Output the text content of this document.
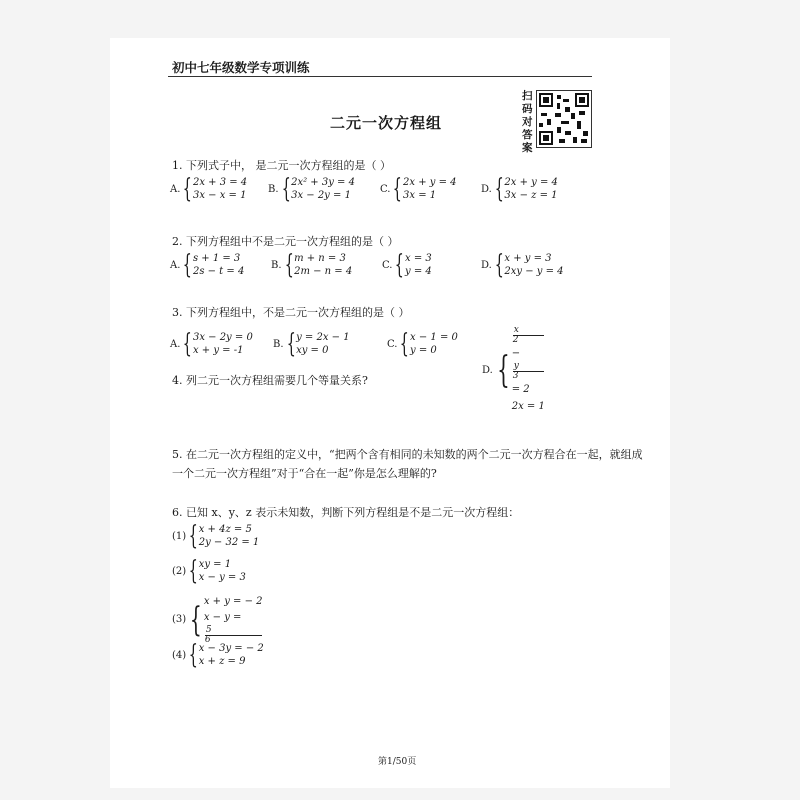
初中七年级数学专项训练
二元一次方程组
扫码对答案
1. 下列式子中， 是二元一次方程组的是（ ）
A. { 2x + 3 = 4
3x − x = 1
B. { 2x² + 3y = 4
3x − 2y = 1
C. { 2x + y = 4
3x = 1
D. { 2x + y = 4
3x − z = 1
2. 下列方程组中不是二元一次方程组的是（ ）
A. { s + 1 = 3
2s − t = 4
B. { m + n = 3
2m − n = 4
C. { x = 3
y = 4
D. { x + y = 3
2xy − y = 4
3. 下列方程组中，不是二元一次方程组的是（ ）
A. { 3x − 2y = 0
x + y = -1
B. { y = 2x − 1
xy = 0
C. { x − 1 = 0
y = 0
D. {
x
2
−
y
3
= 2
2x = 1
4. 列二元一次方程组需要几个等量关系?
5. 在二元一次方程组的定义中，“把两个含有相同的未知数的两个二元一次方程合在一起，就组成
一个二元一次方程组”对于“合在一起”你是怎么理解的?
6. 已知 x、y、z 表示未知数，判断下列方程组是不是二元一次方程组：
(1) { x + 4z = 5
2y − 32 = 1
(2) { xy = 1
x − y = 3
(3) { x + y = − 2
x − y =
5
6
(4) { x − 3y = − 2
x + z = 9
第1/50页
